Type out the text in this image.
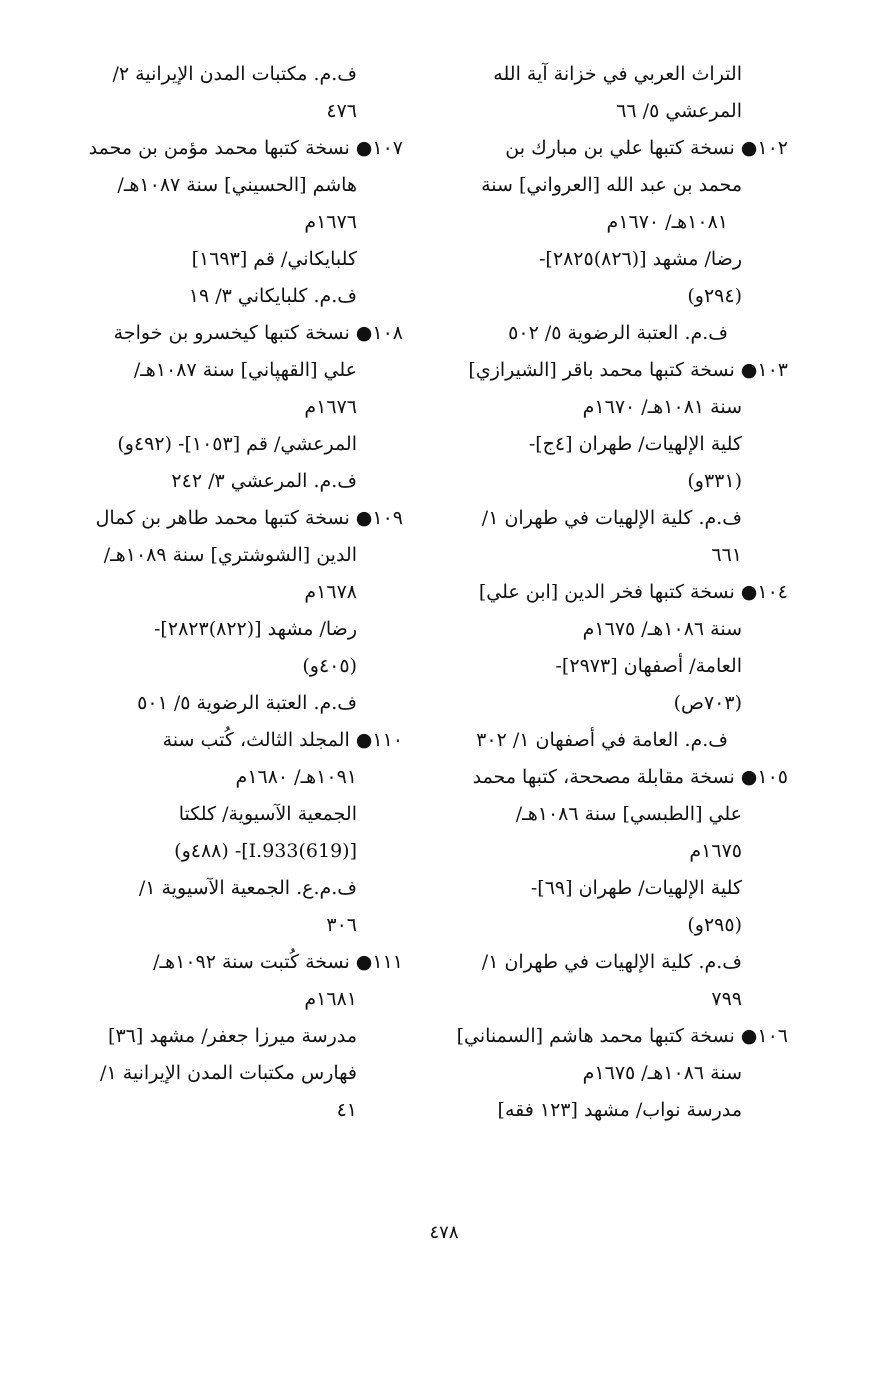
التراث العربي في خزانة آية الله
المرعشي ٥/ ٦٦
١٠٢● نسخة كتبها علي بن مبارك بن
محمد بن عبد الله [العرواني] سنة
١٠٨١هـ/ ١٦٧٠م
رضا/ مشهد [(٨٢٦)٢٨٢٥]-
(٢٩٤و)
ف.م. العتبة الرضوية ٥/ ٥٠٢
١٠٣● نسخة كتبها محمد باقر [الشيرازي]
سنة ١٠٨١هـ/ ١٦٧٠م
كلية الإلهيات/ طهران [٤ج]-
(٣٣١و)
ف.م. كلية الإلهيات في طهران ١/
٦٦١
١٠٤● نسخة كتبها فخر الدين [ابن علي]
سنة ١٠٨٦هـ/ ١٦٧٥م
العامة/ أصفهان [٢٩٧٣]-
(٧٠٣ص)
ف.م. العامة في أصفهان ١/ ٣٠٢
١٠٥● نسخة مقابلة مصححة، كتبها محمد
علي [الطبسي] سنة ١٠٨٦هـ/
١٦٧٥م
كلية الإلهيات/ طهران [٦٩]-
(٢٩٥و)
ف.م. كلية الإلهيات في طهران ١/
٧٩٩
١٠٦● نسخة كتبها محمد هاشم [السمناني]
سنة ١٠٨٦هـ/ ١٦٧٥م
مدرسة نواب/ مشهد [١٢٣ فقه]
ف.م. مكتبات المدن الإيرانية ٢/
٤٧٦
١٠٧● نسخة كتبها محمد مؤمن بن محمد
هاشم [الحسيني] سنة ١٠٨٧هـ/
١٦٧٦م
كلبايكاني/ قم [١٦٩٣]
ف.م. كلبايكاني ٣/ ١٩
١٠٨● نسخة كتبها كيخسرو بن خواجة
علي [القهپاني] سنة ١٠٨٧هـ/
١٦٧٦م
المرعشي/ قم [١٠٥٣]- (٤٩٢و)
ف.م. المرعشي ٣/ ٢٤٢
١٠٩● نسخة كتبها محمد طاهر بن كمال
الدين [الشوشتري] سنة ١٠٨٩هـ/
١٦٧٨م
رضا/ مشهد [(٨٢٢)٢٨٢٣]-
(٤٠٥و)
ف.م. العتبة الرضوية ٥/ ٥٠١
١١٠● المجلد الثالث، كُتب سنة
١٠٩١هـ/ ١٦٨٠م
الجمعية الآسيوية/ كلكتا
[I.933(619)]- (٤٨٨و)
ف.م.ع. الجمعية الآسيوية ١/
٣٠٦
١١١● نسخة كُتبت سنة ١٠٩٢هـ/
١٦٨١م
مدرسة ميرزا جعفر/ مشهد [٣٦]
فهارس مكتبات المدن الإيرانية ١/
٤١
٤٧٨
